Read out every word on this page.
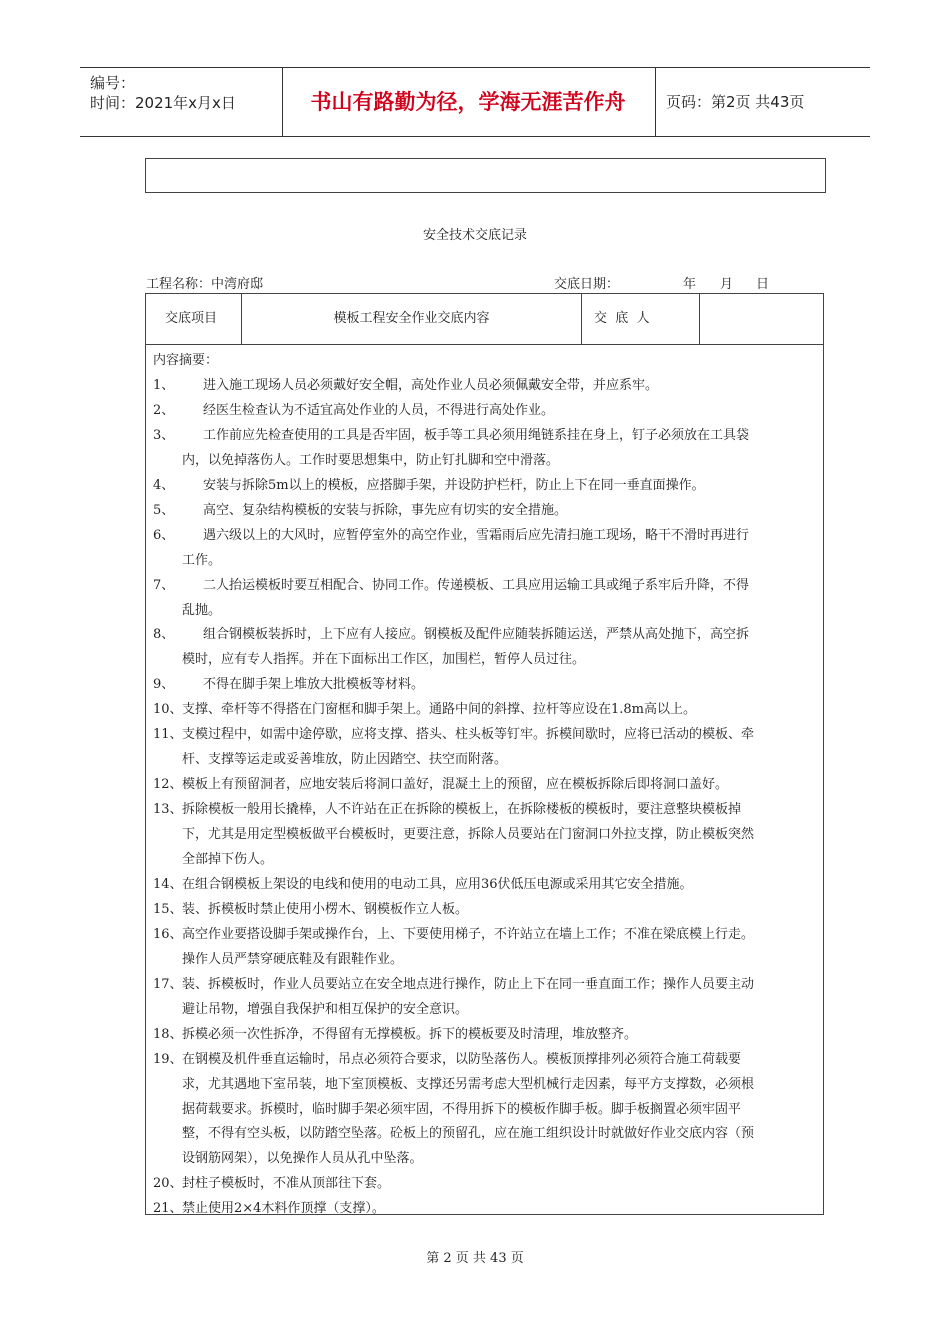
编号：
时间：2021年x月x日	书山有路勤为径，学海无涯苦作舟	页码：第2页 共43页
安全技术交底记录
工程名称：中湾府邸	交底日期：	年 月 日
交底项目	模板工程安全作业交底内容	交  底  人
内容摘要：
1、 进入施工现场人员必须戴好安全帽，高处作业人员必须佩戴安全带，并应系牢。
2、 经医生检查认为不适宜高处作业的人员，不得进行高处作业。
3、 工作前应先检查使用的工具是否牢固，板手等工具必须用绳链系挂在身上，钉子必须放在工具袋
内，以免掉落伤人。工作时要思想集中，防止钉扎脚和空中滑落。
4、 安装与拆除5m以上的模板，应搭脚手架，并设防护栏杆，防止上下在同一垂直面操作。
5、 高空、复杂结构模板的安装与拆除，事先应有切实的安全措施。
6、 遇六级以上的大风时，应暂停室外的高空作业，雪霜雨后应先清扫施工现场，略干不滑时再进行
工作。
7、 二人抬运模板时要互相配合、协同工作。传递模板、工具应用运输工具或绳子系牢后升降，不得
乱抛。
8、 组合钢模板装拆时，上下应有人接应。钢模板及配件应随装拆随运送，严禁从高处抛下，高空拆
模时，应有专人指挥。并在下面标出工作区，加围栏，暂停人员过往。
9、 不得在脚手架上堆放大批模板等材料。
10、 支撑、牵杆等不得搭在门窗框和脚手架上。通路中间的斜撑、拉杆等应设在1.8m高以上。
11、 支模过程中，如需中途停歇，应将支撑、搭头、柱头板等钉牢。拆模间歇时，应将已活动的模板、牵
杆、支撑等运走或妥善堆放，防止因踏空、扶空而附落。
12、 模板上有预留洞者，应地安装后将洞口盖好，混凝土上的预留，应在模板拆除后即将洞口盖好。
13、 拆除模板一般用长撬棒，人不许站在正在拆除的模板上，在拆除楼板的模板时，要注意整块模板掉
下，尤其是用定型模板做平台模板时，更要注意，拆除人员要站在门窗洞口外拉支撑，防止模板突然
全部掉下伤人。
14、 在组合钢模板上架设的电线和使用的电动工具，应用36伏低压电源或采用其它安全措施。
15、 装、拆模板时禁止使用小楞木、钢模板作立人板。
16、 高空作业要搭设脚手架或操作台，上、下要使用梯子，不许站立在墙上工作；不准在梁底模上行走。
操作人员严禁穿硬底鞋及有跟鞋作业。
17、 装、拆模板时，作业人员要站立在安全地点进行操作，防止上下在同一垂直面工作；操作人员要主动
避让吊物，增强自我保护和相互保护的安全意识。
18、 拆模必须一次性拆净，不得留有无撑模板。拆下的模板要及时清理，堆放整齐。
19、 在钢模及机件垂直运输时，吊点必须符合要求，以防坠落伤人。模板顶撑排列必须符合施工荷载要
求，尤其遇地下室吊装，地下室顶模板、支撑还另需考虑大型机械行走因素，每平方支撑数，必须根
据荷载要求。拆模时，临时脚手架必须牢固，不得用拆下的模板作脚手板。脚手板搁置必须牢固平
整，不得有空头板，以防踏空坠落。砼板上的预留孔，应在施工组织设计时就做好作业交底内容（预
设钢筋网架），以免操作人员从孔中坠落。
20、 封柱子模板时，不准从顶部往下套。
21、 禁止使用2×4木料作顶撑（支撑）。
第 2 页 共 43 页
